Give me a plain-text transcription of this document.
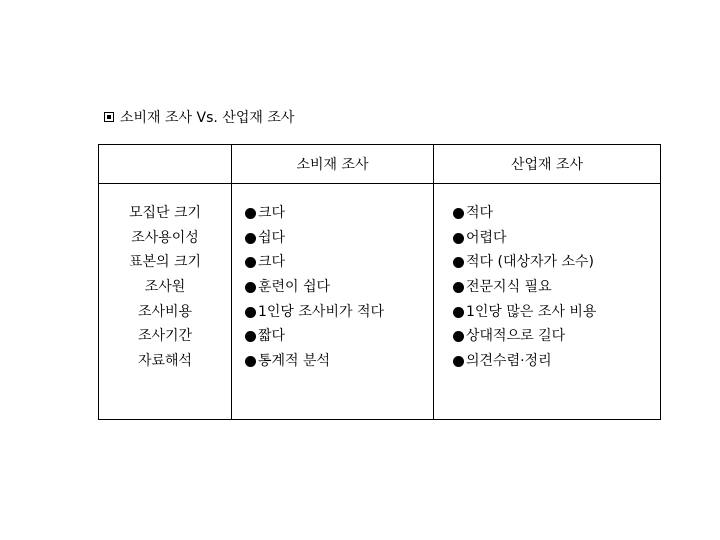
소비재 조사 Vs. 산업재 조사
소비재 조사	산업재 조사
모집단 크기
조사용이성
표본의 크기
조사원
조사비용
조사기간
자료해석
크다
쉽다
크다
훈련이 쉽다
1인당 조사비가 적다
짧다
통계적 분석
적다
어렵다
적다 (대상자가 소수)
전문지식 필요
1인당 많은 조사 비용
상대적으로 길다
의견수렴·정리
